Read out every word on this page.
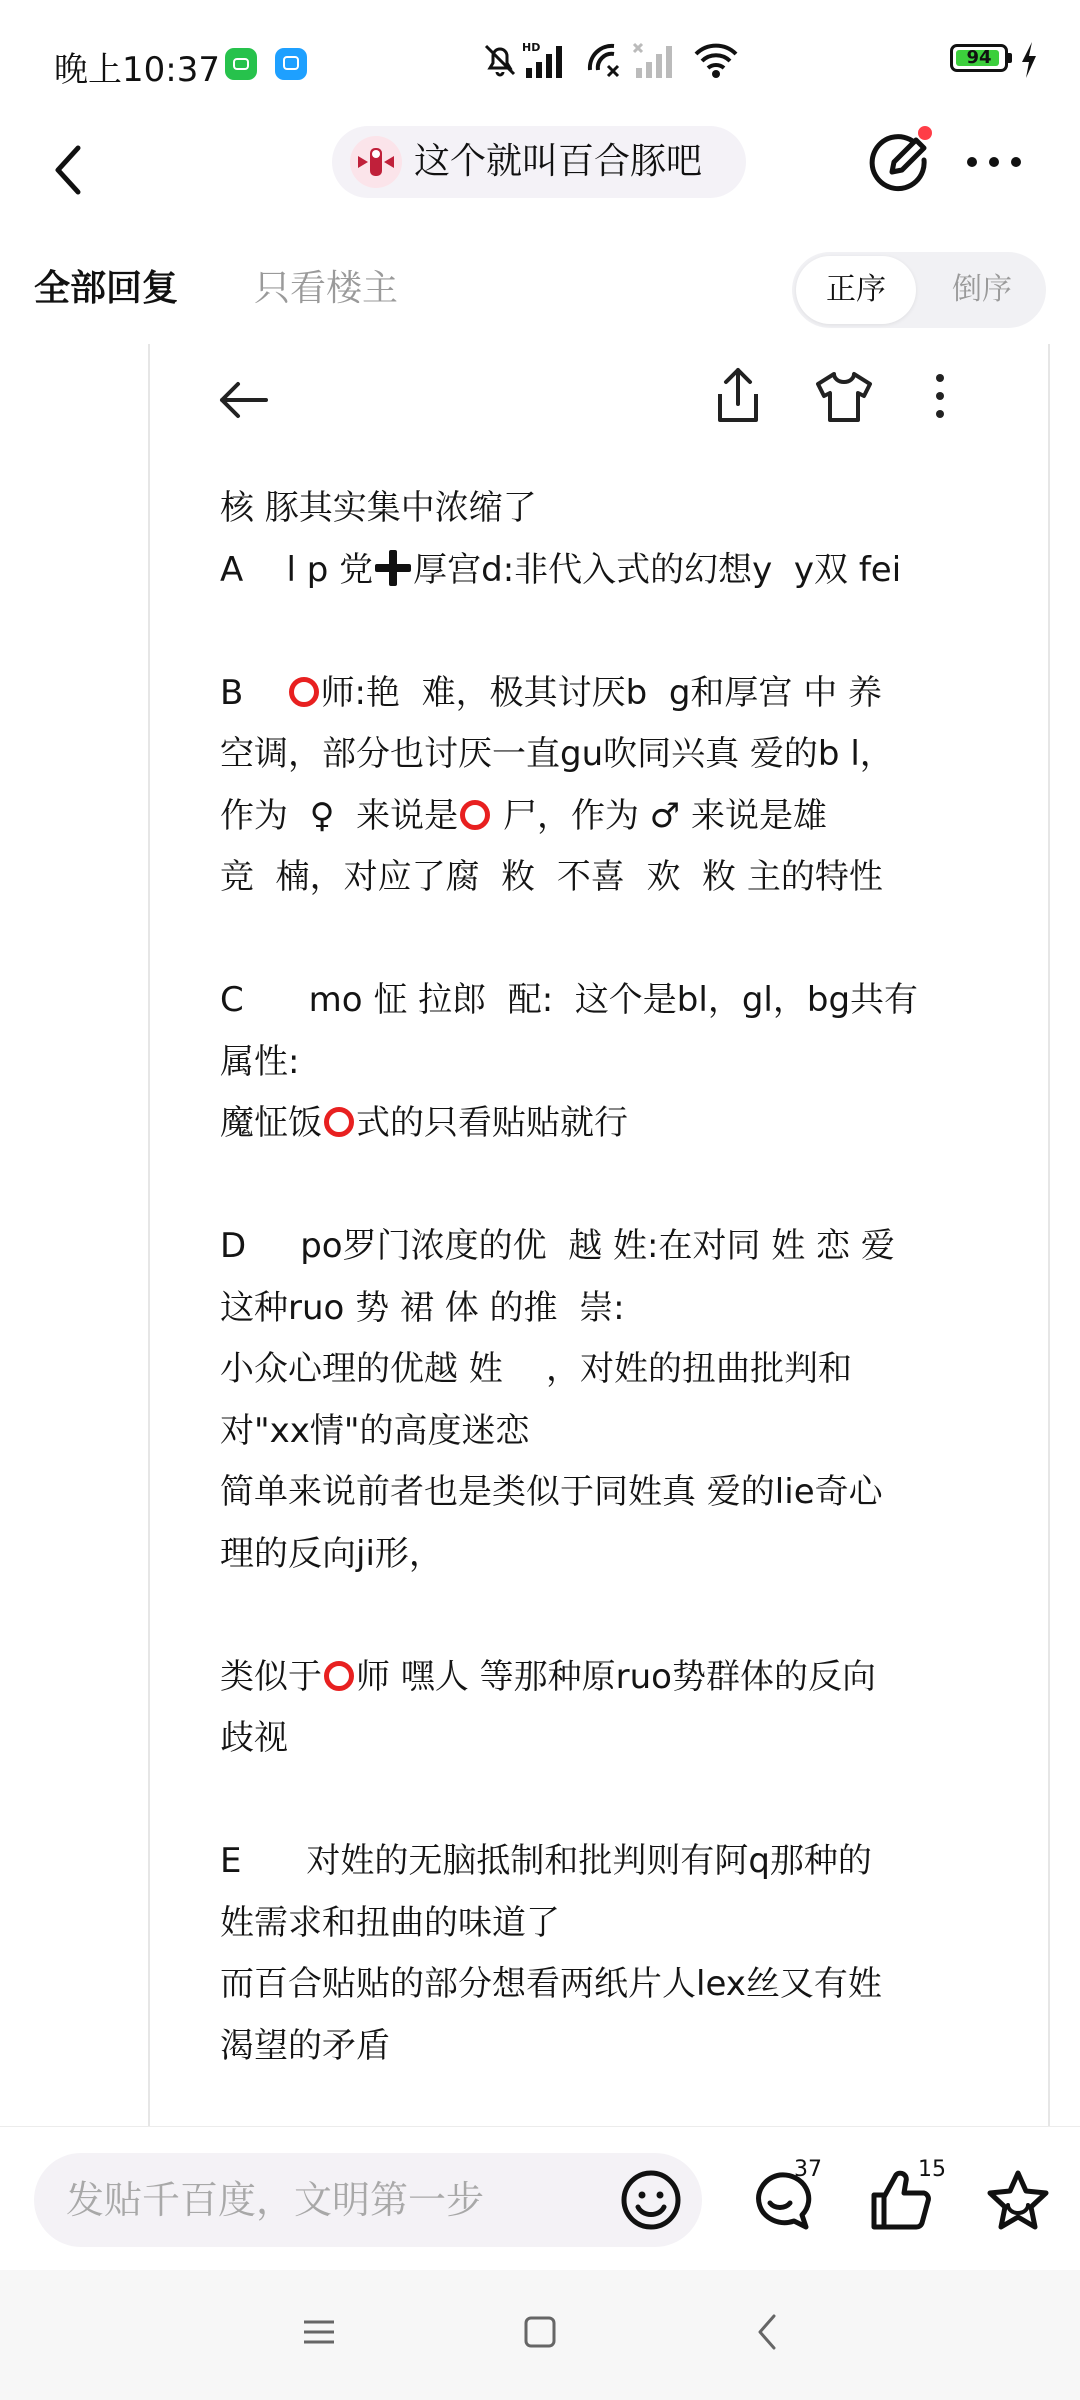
晚上10:37
HD	94
这个就叫百合豚吧
全部回复 只看楼主	正序	倒序
核 豚其实集中浓缩了
A    l p 党 厚宫d:非代入式的幻想y  y双 fei
B    师:艳  难，极其讨厌b  g和厚宫 中 养
空调，部分也讨厌一直gu吹同兴真 爱的b l，
作为  ♀  来说是 尸，作为 ♂ 来说是雄
竞  楠，对应了腐  敉  不喜  欢  敉 主的特性
C      mo 怔 拉郎  配:  这个是bl，gl，bg共有
属性:
魔怔饭 式的只看贴贴就行
D     po罗门浓度的优  越 姓:在对同 姓 恋 爱
这种ruo 势 裙 体 的推  崇:
小众心理的优越 姓    ，对姓的扭曲批判和
对"xx情"的高度迷恋
简单来说前者也是类似于同姓真 爱的lie奇心
理的反向ji形，
类似于 师 嘿人 等那种原ruo势群体的反向
歧视
E      对姓的无脑抵制和批判则有阿q那种的
姓需求和扭曲的味道了
而百合贴贴的部分想看两纸片人lex丝又有姓
渴望的矛盾
发贴千百度，文明第一步
37	15
